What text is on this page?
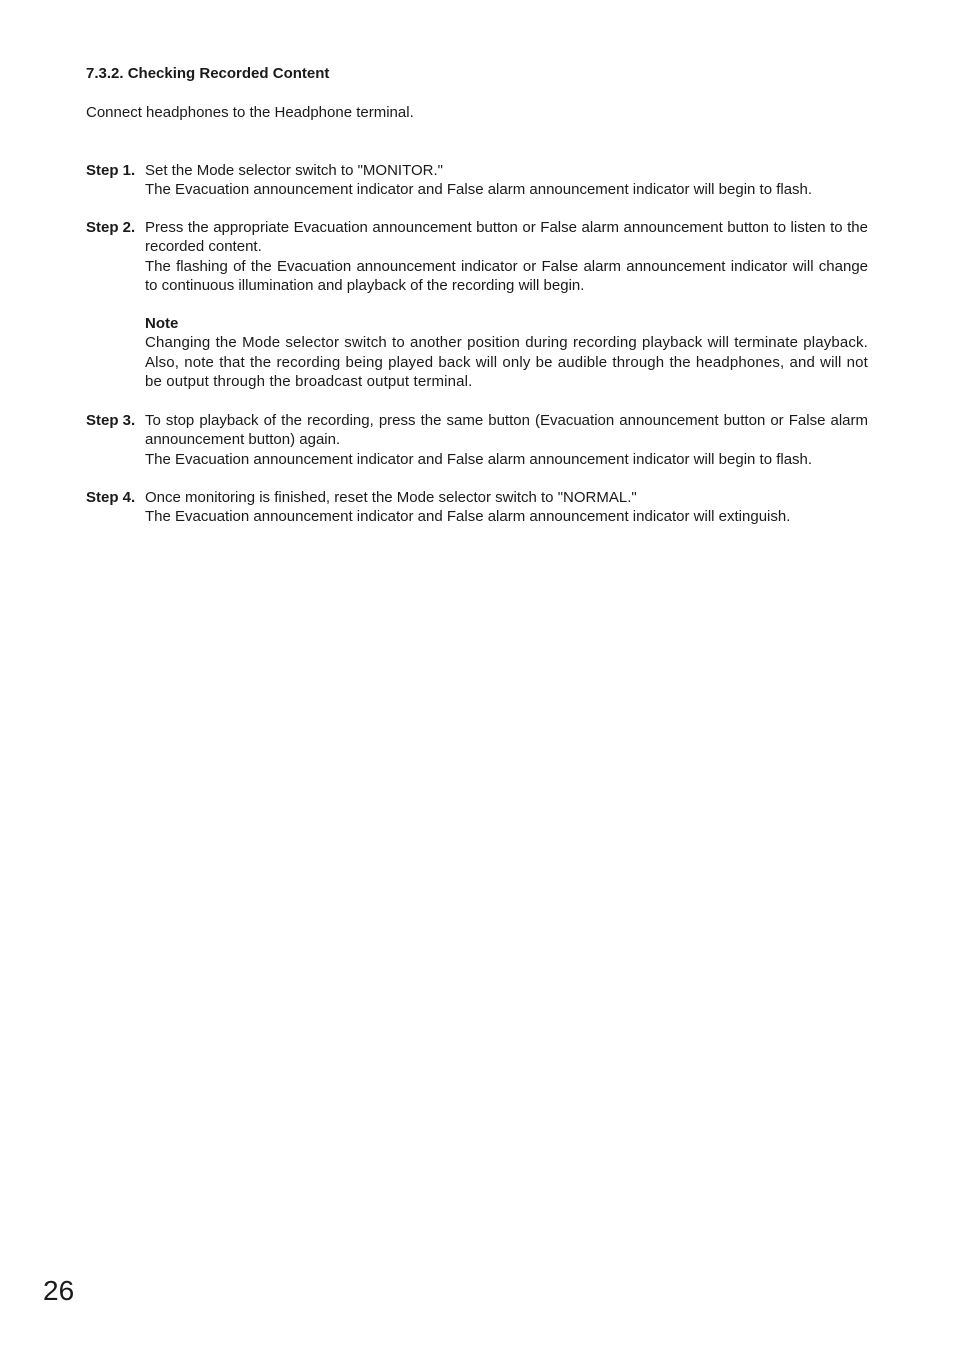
7.3.2. Checking Recorded Content

Connect headphones to the Headphone terminal.

Step 1. Set the Mode selector switch to "MONITOR."

The Evacuation announcement indicator and False alarm announcement indicator will begin to flash.

Step 2. Press the appropriate Evacuation announcement button or False alarm announcement button to listen to the recorded content.

The flashing of the Evacuation announcement indicator or False alarm announcement indicator will change to continuous illumination and playback of the recording will begin.

Note

Changing the Mode selector switch to another position during recording playback will terminate playback. Also, note that the recording being played back will only be audible through the headphones, and will not be output through the broadcast output terminal.

Step 3. To stop playback of the recording, press the same button (Evacuation announcement button or False alarm announcement button) again.

The Evacuation announcement indicator and False alarm announcement indicator will begin to flash.

Step 4. Once monitoring is finished, reset the Mode selector switch to "NORMAL."

The Evacuation announcement indicator and False alarm announcement indicator will extinguish.

26
